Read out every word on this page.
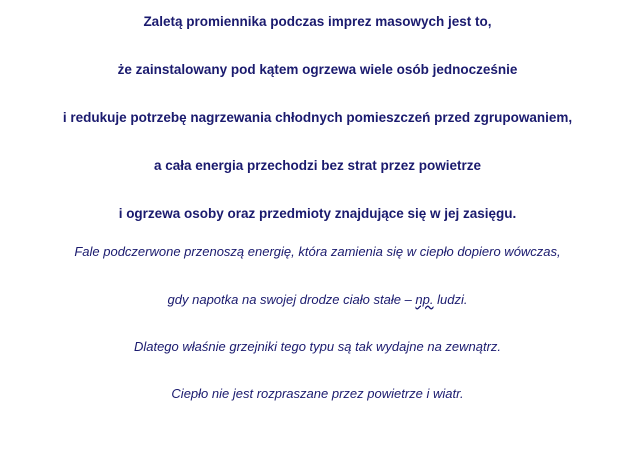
Zaletą promiennika podczas imprez masowych jest to,

że zainstalowany pod kątem ogrzewa wiele osób jednocześnie

i redukuje potrzebę nagrzewania chłodnych pomieszczeń przed zgrupowaniem,

a cała energia przechodzi bez strat przez powietrze

i ogrzewa osoby oraz przedmioty znajdujące się w jej zasięgu.

Fale podczerwone przenoszą energię, która zamienia się w ciepło dopiero wówczas,

gdy napotka na swojej drodze ciało stałe – np. ludzi.

Dlatego właśnie grzejniki tego typu są tak wydajne na zewnątrz.

Ciepło nie jest rozpraszane przez powietrze i wiatr.
